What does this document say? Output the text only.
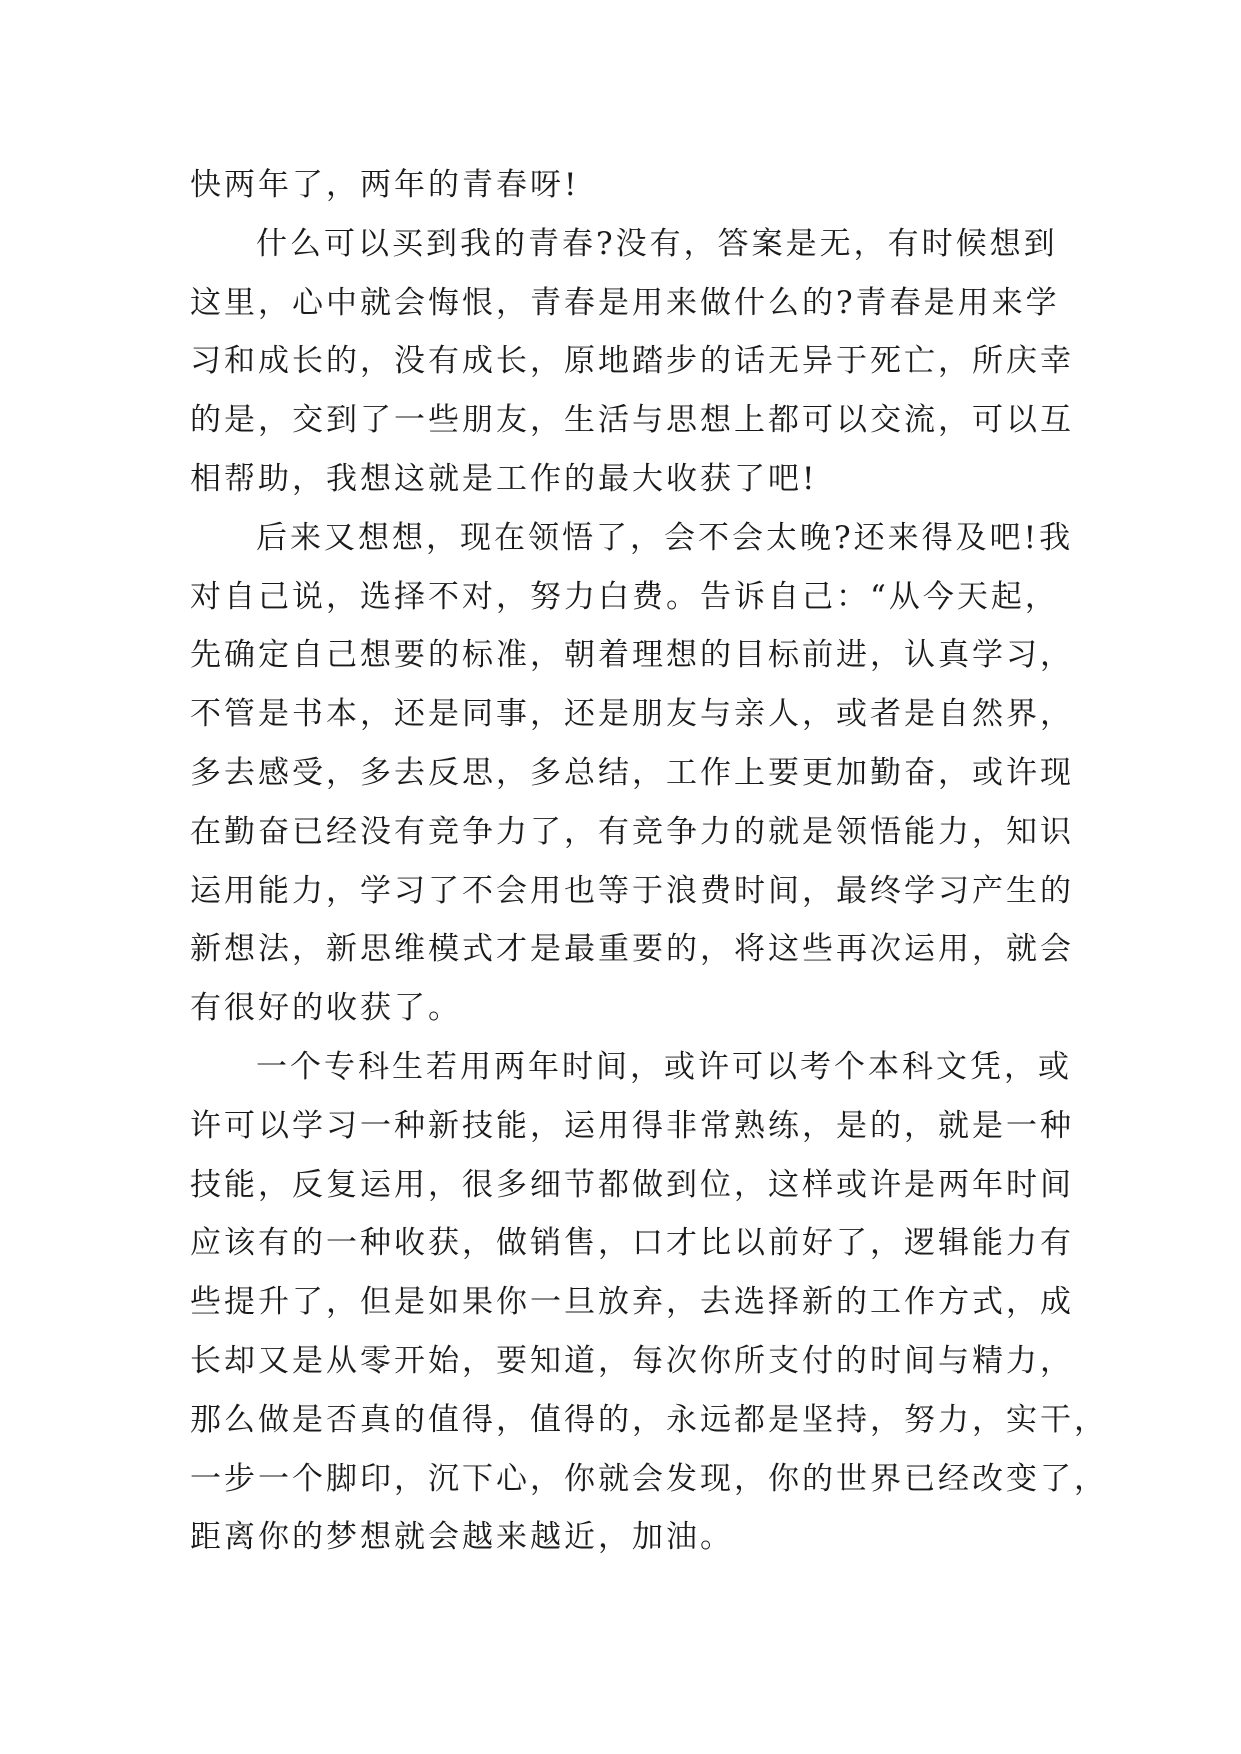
快两年了，两年的青春呀!

什么可以买到我的青春?没有，答案是无，有时候想到
这里，心中就会悔恨，青春是用来做什么的?青春是用来学
习和成长的，没有成长，原地踏步的话无异于死亡，所庆幸
的是，交到了一些朋友，生活与思想上都可以交流，可以互
相帮助，我想这就是工作的最大收获了吧!

后来又想想，现在领悟了，会不会太晚?还来得及吧!我
对自己说，选择不对，努力白费。告诉自己：“从今天起，
先确定自己想要的标准，朝着理想的目标前进，认真学习，
不管是书本，还是同事，还是朋友与亲人，或者是自然界，
多去感受，多去反思，多总结，工作上要更加勤奋，或许现
在勤奋已经没有竞争力了，有竞争力的就是领悟能力，知识
运用能力，学习了不会用也等于浪费时间，最终学习产生的
新想法，新思维模式才是最重要的，将这些再次运用，就会
有很好的收获了。

一个专科生若用两年时间，或许可以考个本科文凭，或
许可以学习一种新技能，运用得非常熟练，是的，就是一种
技能，反复运用，很多细节都做到位，这样或许是两年时间
应该有的一种收获，做销售，口才比以前好了，逻辑能力有
些提升了，但是如果你一旦放弃，去选择新的工作方式，成
长却又是从零开始，要知道，每次你所支付的时间与精力，
那么做是否真的值得，值得的，永远都是坚持，努力，实干，
一步一个脚印，沉下心，你就会发现，你的世界已经改变了，
距离你的梦想就会越来越近，加油。
